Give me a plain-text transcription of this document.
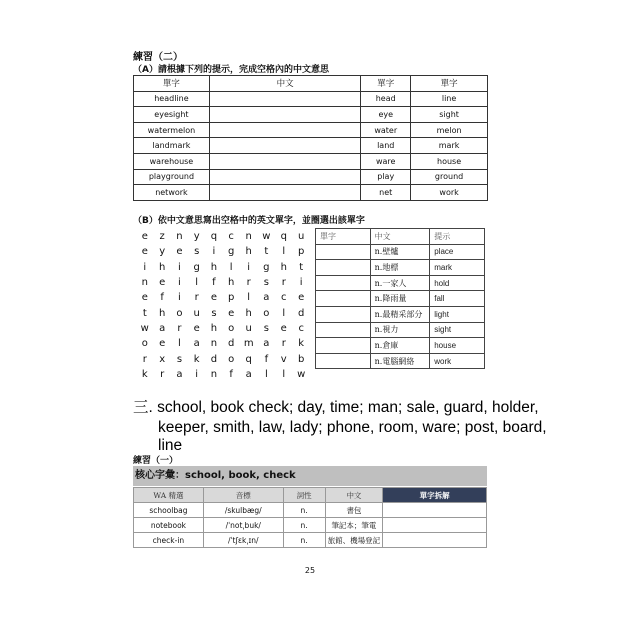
練習（二）
（A）請根據下列的提示，完成空格內的中文意思
單字	中文	單字	單字
headline		head	line
eyesight		eye	sight
watermelon		water	melon
landmark		land	mark
warehouse		ware	house
playground		play	ground
network		net	work
（B）依中文意思寫出空格中的英文單字，並圈選出該單字
e	z	n	y	q	c	n	w	q	u
e	y	e	s	i	g	h	t	l	p
i	h	i	g	h	l	i	g	h	t
n	e	i	l	f	h	r	s	r	i
e	f	i	r	e	p	l	a	c	e
t	h	o	u	s	e	h	o	l	d
w	a	r	e	h	o	u	s	e	c
o	e	l	a	n	d	m	a	r	k
r	x	s	k	d	o	q	f	v	b
k	r	a	i	n	f	a	l	l	w
單字	中文	提示
	n.壁爐	place
	n.地標	mark
	n.一家人	hold
	n.降雨量	fall
	n.最精采部分	light
	n.視力	sight
	n.倉庫	house
	n.電腦網絡	work
三. school, book check; day, time; man; sale, guard, holder,
keeper, smith, law, lady; phone, room, ware; post, board,
line
練習（一）
核心字彙：school, book, check
WA 精選	音標	詞性	中文	單字拆解
schoolbag	/skulbæg/	n.	書包	
notebook	/ˈnot͵buk/	n.	筆記本；筆電	
check-in	/ˈtʃɛk͵ɪn/	n.	旅館、機場登記	
25
